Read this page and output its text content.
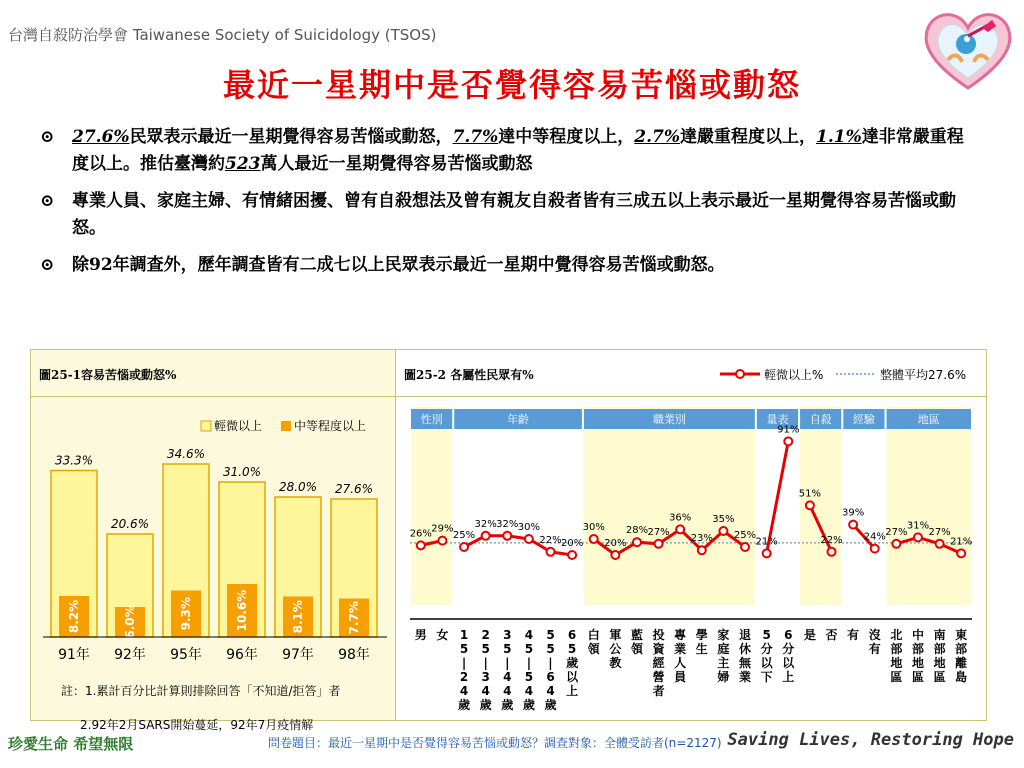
台灣自殺防治學會 Taiwanese Society of Suicidology (TSOS)
最近一星期中是否覺得容易苦惱或動怒
⊙ 27.6%民眾表示最近一星期覺得容易苦惱或動怒，7.7%達中等程度以上，2.7%達嚴重程度以上，1.1%達非常嚴重程度以上。推估臺灣約523萬人最近一星期覺得容易苦惱或動怒
⊙ 專業人員、家庭主婦、有情緒困擾、曾有自殺想法及曾有親友自殺者皆有三成五以上表示最近一星期覺得容易苦惱或動怒。
⊙ 除92年調查外，歷年調查皆有二成七以上民眾表示最近一星期中覺得容易苦惱或動怒。
圖25-1容易苦惱或動怒%
輕微以上	中等程度以上
33.3%
8.2%
91年
20.6%
6.0%
92年
34.6%
9.3%
95年
31.0%
10.6%
96年
28.0%
8.1%
97年
27.6%
7.7%
98年
註：1.累計百分比計算則排除回答「不知道/拒答」者
圖25-2 各屬性民眾有%	輕微以上%	整體平均27.6%
性別	年齡	職業別	量表 自殺 經驗	地區
26% 29%
25%
32% 32% 30%
22% 20%
30%
20%
28% 27%
36%
23%
35%
25%
21%
91%
51%
22%
39%
24% 27%
31%
27%
21%
男 女 1
5
|
2
4
歲
2
5
|
3
4
歲
3
5
|
4
4
歲
4
5
|
5
4
歲
5
5
|
6
4
歲
6
5
歲
以
上
白
領
軍
公
教
藍
領
投
資
經
營
者
專
業
人
員
學
生
家
庭
主
婦
退
休
無
業
5
分
以
下
6
分
以
上
是 否 有 沒
有
北
部
地
區
中
部
地
區
南
部
地
區
東
部
離
島
2.92年2月SARS開始蔓延，92年7月疫情解
珍愛生命 希望無限	問卷題目：最近一星期中是否覺得容易苦惱或動怒？調查對象：全體受訪者(n=2127) Saving Lives, Restoring Hope
